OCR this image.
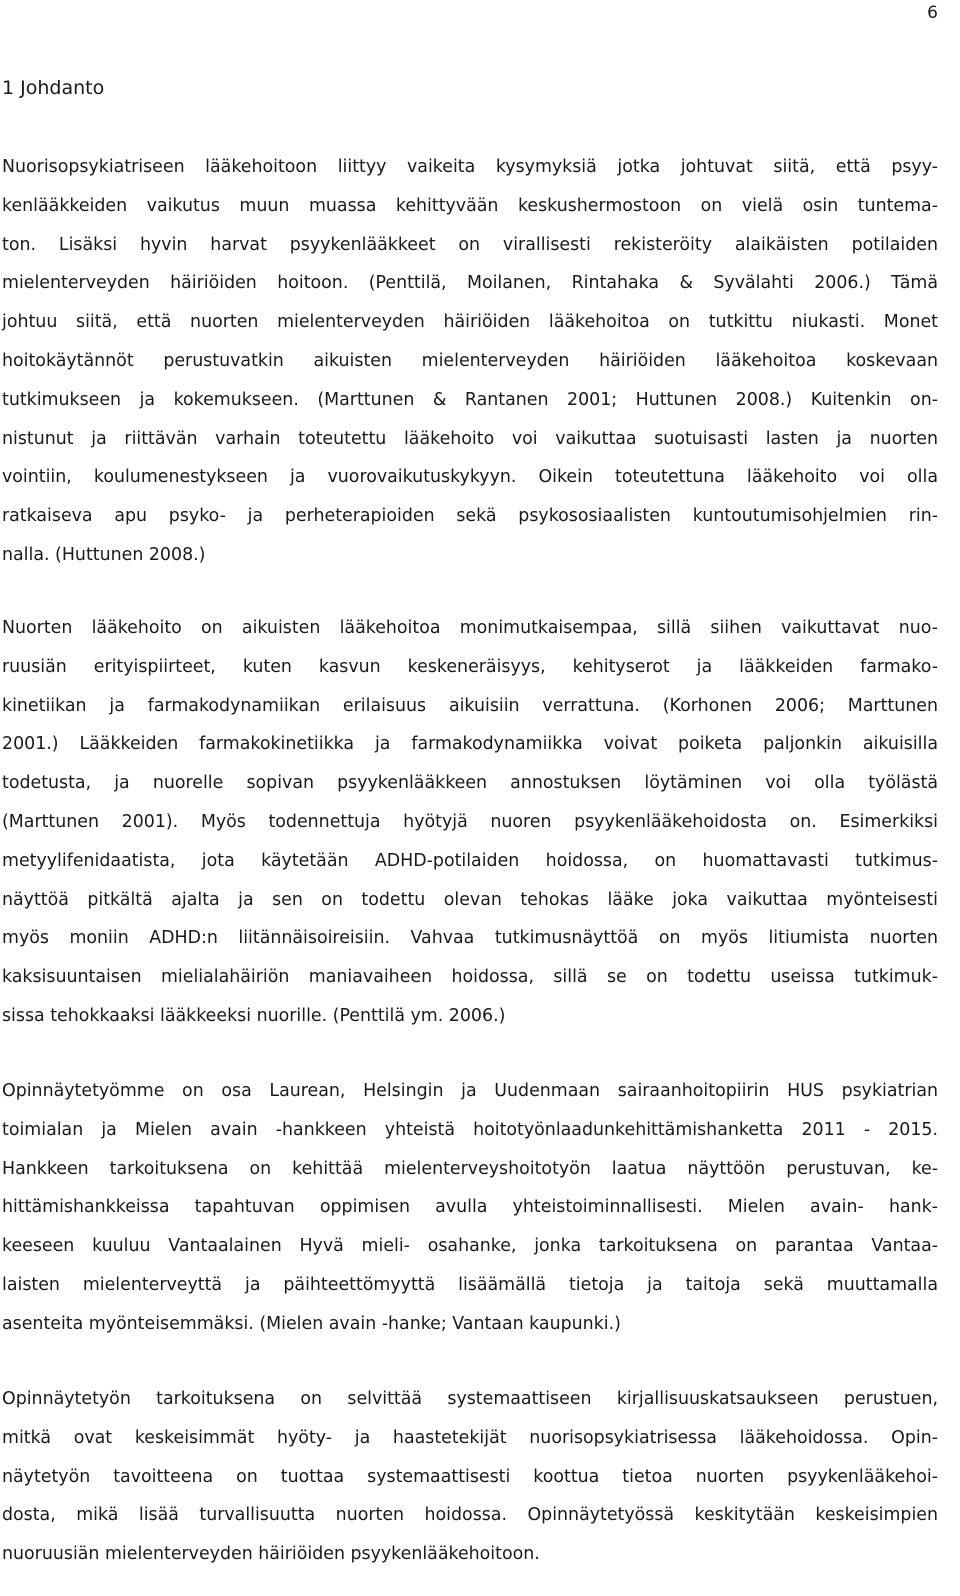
6
1 Johdanto
Nuorisopsykiatriseen lääkehoitoon liittyy vaikeita kysymyksiä jotka johtuvat siitä, että psyy-
kenlääkkeiden vaikutus muun muassa kehittyvään keskushermostoon on vielä osin tuntema-
ton. Lisäksi hyvin harvat psyykenlääkkeet on virallisesti rekisteröity alaikäisten potilaiden
mielenterveyden häiriöiden hoitoon. (Penttilä, Moilanen, Rintahaka & Syvälahti 2006.) Tämä
johtuu siitä, että nuorten mielenterveyden häiriöiden lääkehoitoa on tutkittu niukasti. Monet
hoitokäytännöt perustuvatkin aikuisten mielenterveyden häiriöiden lääkehoitoa koskevaan
tutkimukseen ja kokemukseen. (Marttunen & Rantanen 2001; Huttunen 2008.) Kuitenkin on-
nistunut ja riittävän varhain toteutettu lääkehoito voi vaikuttaa suotuisasti lasten ja nuorten
vointiin, koulumenestykseen ja vuorovaikutuskykyyn. Oikein toteutettuna lääkehoito voi olla
ratkaiseva apu psyko- ja perheterapioiden sekä psykososiaalisten kuntoutumisohjelmien rin-
nalla. (Huttunen 2008.)
Nuorten lääkehoito on aikuisten lääkehoitoa monimutkaisempaa, sillä siihen vaikuttavat nuo-
ruusiän erityispiirteet, kuten kasvun keskeneräisyys, kehityserot ja lääkkeiden farmako-
kinetiikan ja farmakodynamiikan erilaisuus aikuisiin verrattuna. (Korhonen 2006; Marttunen
2001.) Lääkkeiden farmakokinetiikka ja farmakodynamiikka voivat poiketa paljonkin aikuisilla
todetusta, ja nuorelle sopivan psyykenlääkkeen annostuksen löytäminen voi olla työlästä
(Marttunen 2001). Myös todennettuja hyötyjä nuoren psyykenlääkehoidosta on. Esimerkiksi
metyylifenidaatista, jota käytetään ADHD-potilaiden hoidossa, on huomattavasti tutkimus-
näyttöä pitkältä ajalta ja sen on todettu olevan tehokas lääke joka vaikuttaa myönteisesti
myös moniin ADHD:n liitännäisoireisiin. Vahvaa tutkimusnäyttöä on myös litiumista nuorten
kaksisuuntaisen mielialahäiriön maniavaiheen hoidossa, sillä se on todettu useissa tutkimuk-
sissa tehokkaaksi lääkkeeksi nuorille. (Penttilä ym. 2006.)
Opinnäytetyömme on osa Laurean, Helsingin ja Uudenmaan sairaanhoitopiirin HUS psykiatrian
toimialan ja Mielen avain -hankkeen yhteistä hoitotyönlaadunkehittämishanketta 2011 - 2015.
Hankkeen tarkoituksena on kehittää mielenterveyshoitotyön laatua näyttöön perustuvan, ke-
hittämishankkeissa tapahtuvan oppimisen avulla yhteistoiminnallisesti. Mielen avain- hank-
keeseen kuuluu Vantaalainen Hyvä mieli- osahanke, jonka tarkoituksena on parantaa Vantaa-
laisten mielenterveyttä ja päihteettömyyttä lisäämällä tietoja ja taitoja sekä muuttamalla
asenteita myönteisemmäksi. (Mielen avain -hanke; Vantaan kaupunki.)
Opinnäytetyön tarkoituksena on selvittää systemaattiseen kirjallisuuskatsaukseen perustuen,
mitkä ovat keskeisimmät hyöty- ja haastetekijät nuorisopsykiatrisessa lääkehoidossa. Opin-
näytetyön tavoitteena on tuottaa systemaattisesti koottua tietoa nuorten psyykenlääkehoi-
dosta, mikä lisää turvallisuutta nuorten hoidossa. Opinnäytetyössä keskitytään keskeisimpien
nuoruusiän mielenterveyden häiriöiden psyykenlääkehoitoon.
